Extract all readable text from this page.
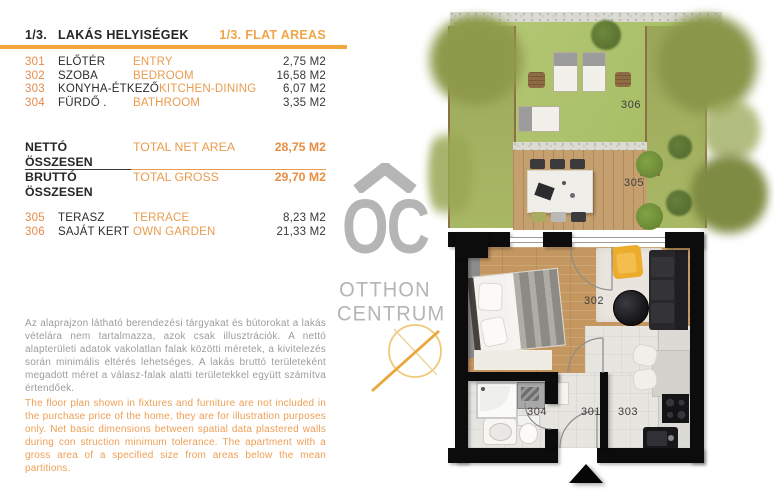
1/3. LAKÁS HELYISÉGEK 1/3. FLAT AREAS
301	ELŐTÉR	ENTRY	2,75 M2
302	SZOBA	BEDROOM	16,58 M2
303	KONYHA-ÉTKEZŐ KITCHEN-DINING	6,07 M2
304	FÜRDŐ .	BATHROOM	3,35 M2
NETTÓ ÖSSZESEN
TOTAL NET AREA	28,75 M2
BRUTTÓ ÖSSZESEN
TOTAL GROSS	29,70 M2
305	TERASZ	TERRACE	8,23 M2
306	SAJÁT KERT OWN GARDEN	21,33 M2

Az alaprajzon látható berendezési tárgyakat és bútorokat a lakás vételára nem tartalmazza, azok csak illusztrációk. A nettó alapterületi adatok vakolatlan falak közötti méretek, a kivitelezés során minimális eltérés lehetséges. A lakás bruttó területeként megadott méret a válasz-falak alatti területekkel együtt számítva értendőek.

The floor plan shown in fixtures and furniture are not included in the purchase price of the home, they are for illustration purposes only. Net basic dimensions between spatial data plastered walls during con struction minimum tolerance. The apartment with a gross area of a specified size from areas below the mean partitions.

OC
OTTHON
CENTRUM
306
305
302
304	301 303
